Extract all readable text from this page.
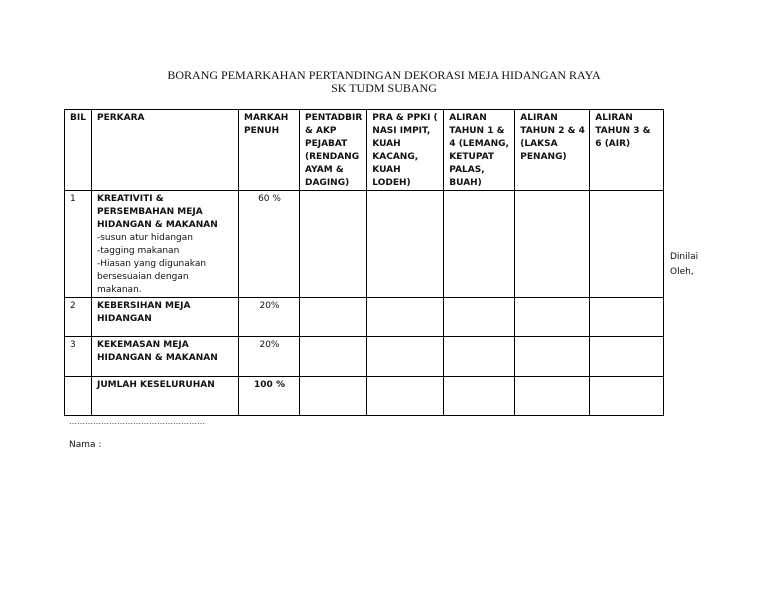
BORANG PEMARKAHAN PERTANDINGAN DEKORASI MEJA HIDANGAN RAYA
SK TUDM SUBANG
BIL	PERKARA	MARKAH PENUH	PENTADBIR & AKP PEJABAT (RENDANG AYAM & DAGING)	PRA & PPKI ( NASI IMPIT, KUAH KACANG, KUAH LODEH)	ALIRAN TAHUN 1 & 4 (LEMANG, KETUPAT PALAS, BUAH)	ALIRAN TAHUN 2 & 4 (LAKSA PENANG)	ALIRAN TAHUN 3 & 6 (AIR)
1	KREATIVITI & PERSEMBAHAN MEJA HIDANGAN & MAKANAN
-susun atur hidangan
-tagging makanan
-Hiasan yang digunakan bersesuaian dengan makanan.	60 %					
2	KEBERSIHAN MEJA HIDANGAN	20%					
3	KEKEMASAN MEJA HIDANGAN & MAKANAN	20%					
	JUMLAH KESELURUHAN	100 %					
Dinilai Oleh,
……………………………………………
Nama :
